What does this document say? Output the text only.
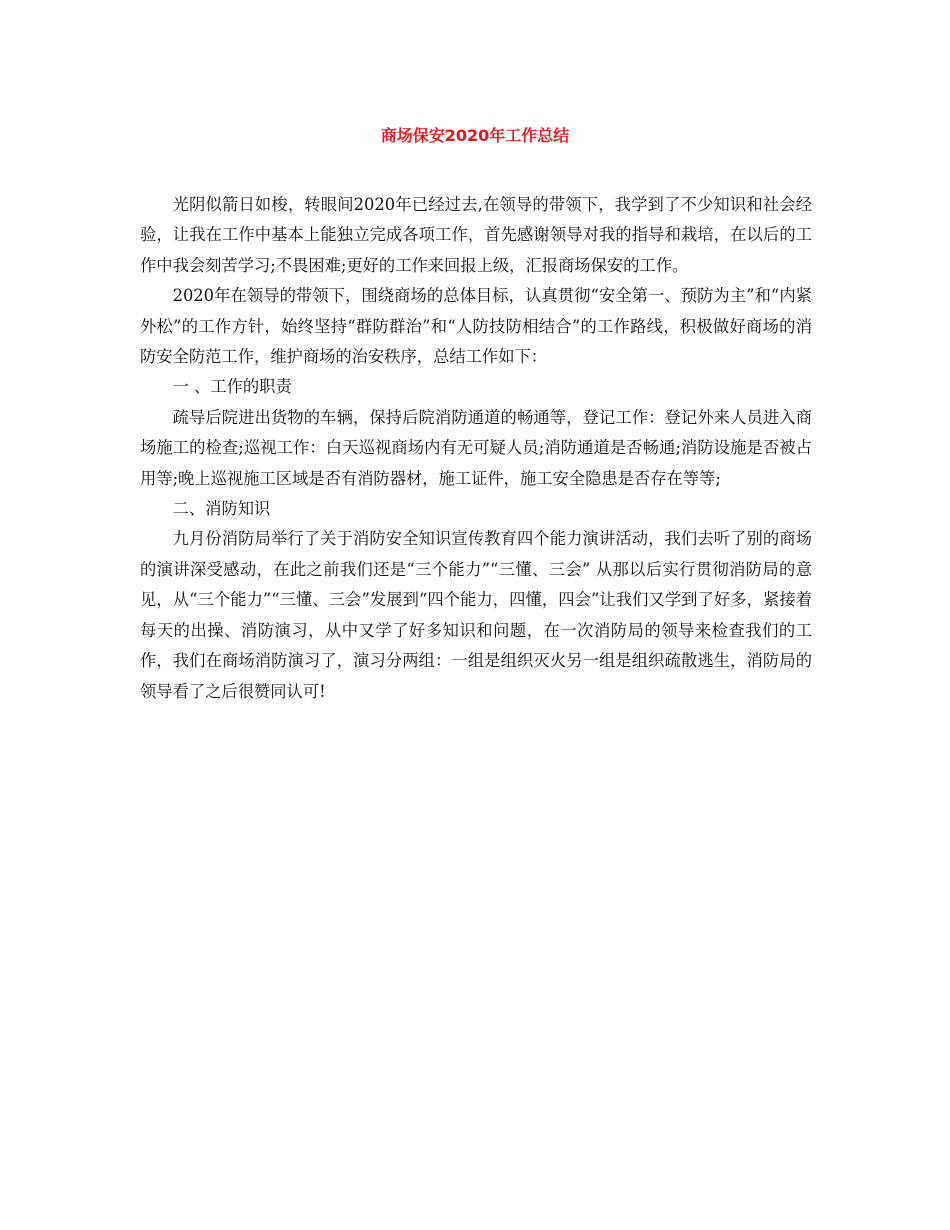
商场保安2020年工作总结

光阴似箭日如梭，转眼间2020年已经过去,在领导的带领下，我学到了不少知识和社会经验，让我在工作中基本上能独立完成各项工作，首先感谢领导对我的指导和栽培，在以后的工作中我会刻苦学习;不畏困难;更好的工作来回报上级，汇报商场保安的工作。

2020年在领导的带领下，围绕商场的总体目标，认真贯彻“安全第一、预防为主”和“内紧外松”的工作方针，始终坚持“群防群治”和“人防技防相结合”的工作路线，积极做好商场的消防安全防范工作，维护商场的治安秩序，总结工作如下：

一 、工作的职责

疏导后院进出货物的车辆，保持后院消防通道的畅通等，登记工作：登记外来人员进入商场施工的检查;巡视工作：白天巡视商场内有无可疑人员;消防通道是否畅通;消防设施是否被占用等;晚上巡视施工区域是否有消防器材，施工证件，施工安全隐患是否存在等等;

二、消防知识

九月份消防局举行了关于消防安全知识宣传教育四个能力演讲活动，我们去听了别的商场的演讲深受感动，在此之前我们还是“三个能力”“三懂、三会” 从那以后实行贯彻消防局的意见，从“三个能力”“三懂、三会”发展到“四个能力，四懂，四会”让我们又学到了好多，紧接着每天的出操、消防演习，从中又学了好多知识和问题，在一次消防局的领导来检查我们的工作，我们在商场消防演习了，演习分两组：一组是组织灭火另一组是组织疏散逃生，消防局的领导看了之后很赞同认可!
